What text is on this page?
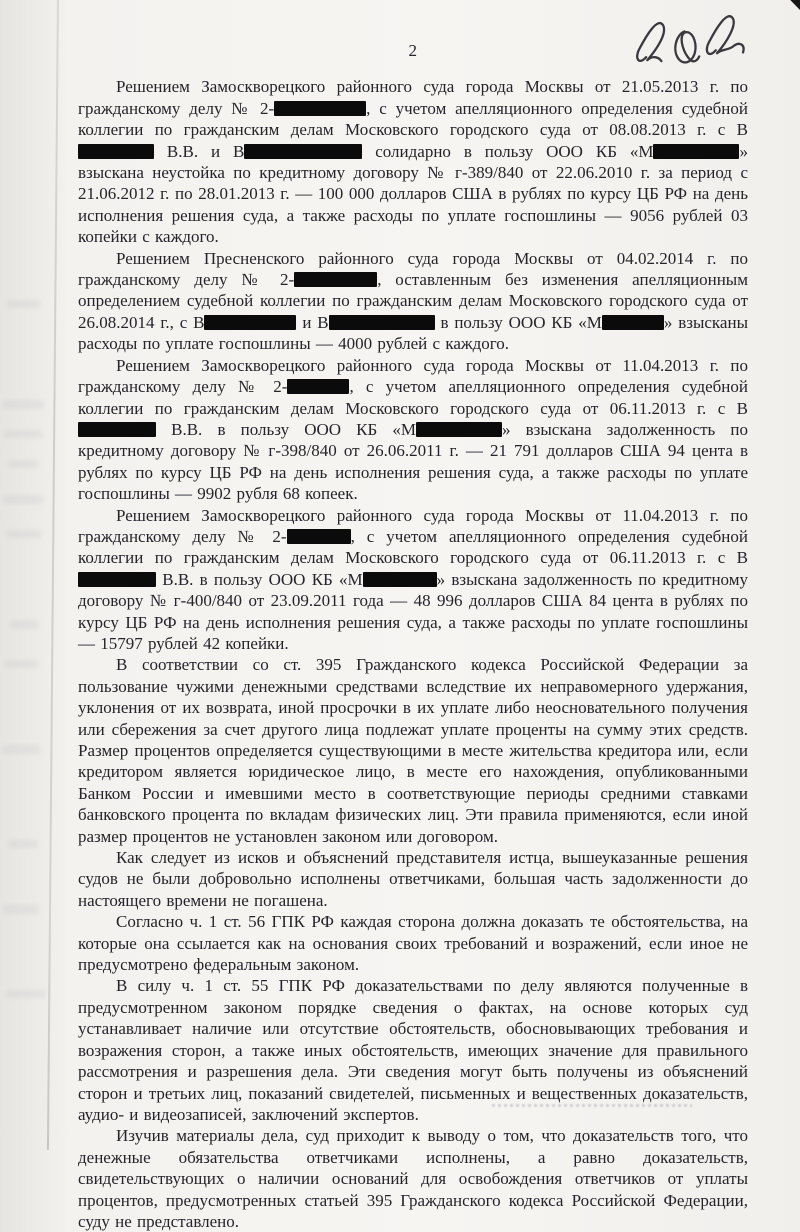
2

Решением Замоскворецкого районного суда города Москвы от 21.05.2013 г. по гражданскому делу № 2-	, с учетом апелляционного определения судебной коллегии по гражданским делам Московского городского суда от 08.08.2013 г. с В В.В. и В	солидарно в пользу ООО КБ «М	» взыскана неустойка по кредитному договору № г-389/840 от 22.06.2010 г. за период с 21.06.2012 г. по 28.01.2013 г. — 100 000 долларов США в рублях по курсу ЦБ РФ на день исполнения решения суда, а также расходы по уплате госпошлины — 9056 рублей 03 копейки с каждого.

Решением Пресненского районного суда города Москвы от 04.02.2014 г. по гражданскому делу № 2-	, оставленным без изменения апелляционным определением судебной коллегии по гражданским делам Московского городского суда от 26.08.2014 г., с В	и В	в пользу ООО КБ «М	» взысканы расходы по уплате госпошлины — 4000 рублей с каждого.

Решением Замоскворецкого районного суда города Москвы от 11.04.2013 г. по гражданскому делу № 2-	, с учетом апелляционного определения судебной коллегии по гражданским делам Московского городского суда от 06.11.2013 г. с В В.В. в пользу ООО КБ «М	» взыскана задолженность по кредитному договору № г-398/840 от 26.06.2011 г. — 21 791 долларов США 94 цента в рублях по курсу ЦБ РФ на день исполнения решения суда, а также расходы по уплате госпошлины — 9902 рубля 68 копеек.

Решением Замоскворецкого районного суда города Москвы от 11.04.2013 г. по гражданскому делу № 2-	, с учетом апелляционного определения судебной коллегии по гражданским делам Московского городского суда от 06.11.2013 г. с В В.В. в пользу ООО КБ «М	» взыскана задолженность по кредитному договору № г-400/840 от 23.09.2011 года — 48 996 долларов США 84 цента в рублях по курсу ЦБ РФ на день исполнения решения суда, а также расходы по уплате госпошлины — 15797 рублей 42 копейки.

В соответствии со ст. 395 Гражданского кодекса Российской Федерации за пользование чужими денежными средствами вследствие их неправомерного удержания, уклонения от их возврата, иной просрочки в их уплате либо неосновательного получения или сбережения за счет другого лица подлежат уплате проценты на сумму этих средств. Размер процентов определяется существующими в месте жительства кредитора или, если кредитором является юридическое лицо, в месте его нахождения, опубликованными Банком России и имевшими место в соответствующие периоды средними ставками банковского процента по вкладам физических лиц. Эти правила применяются, если иной размер процентов не установлен законом или договором.

Как следует из исков и объяснений представителя истца, вышеуказанные решения судов не были добровольно исполнены ответчиками, большая часть задолженности до настоящего времени не погашена.

Согласно ч. 1 ст. 56 ГПК РФ каждая сторона должна доказать те обстоятельства, на которые она ссылается как на основания своих требований и возражений, если иное не предусмотрено федеральным законом.

В силу ч. 1 ст. 55 ГПК РФ доказательствами по делу являются полученные в предусмотренном законом порядке сведения о фактах, на основе которых суд устанавливает наличие или отсутствие обстоятельств, обосновывающих требования и возражения сторон, а также иных обстоятельств, имеющих значение для правильного рассмотрения и разрешения дела. Эти сведения могут быть получены из объяснений сторон и третьих лиц, показаний свидетелей, письменных и вещественных доказательств, аудио- и видеозаписей, заключений экспертов.

Изучив материалы дела, суд приходит к выводу о том, что доказательств того, что денежные обязательства ответчиками исполнены, а равно доказательств, свидетельствующих о наличии оснований для освобождения ответчиков от уплаты процентов, предусмотренных статьей 395 Гражданского кодекса Российской Федерации, суду не представлено.
